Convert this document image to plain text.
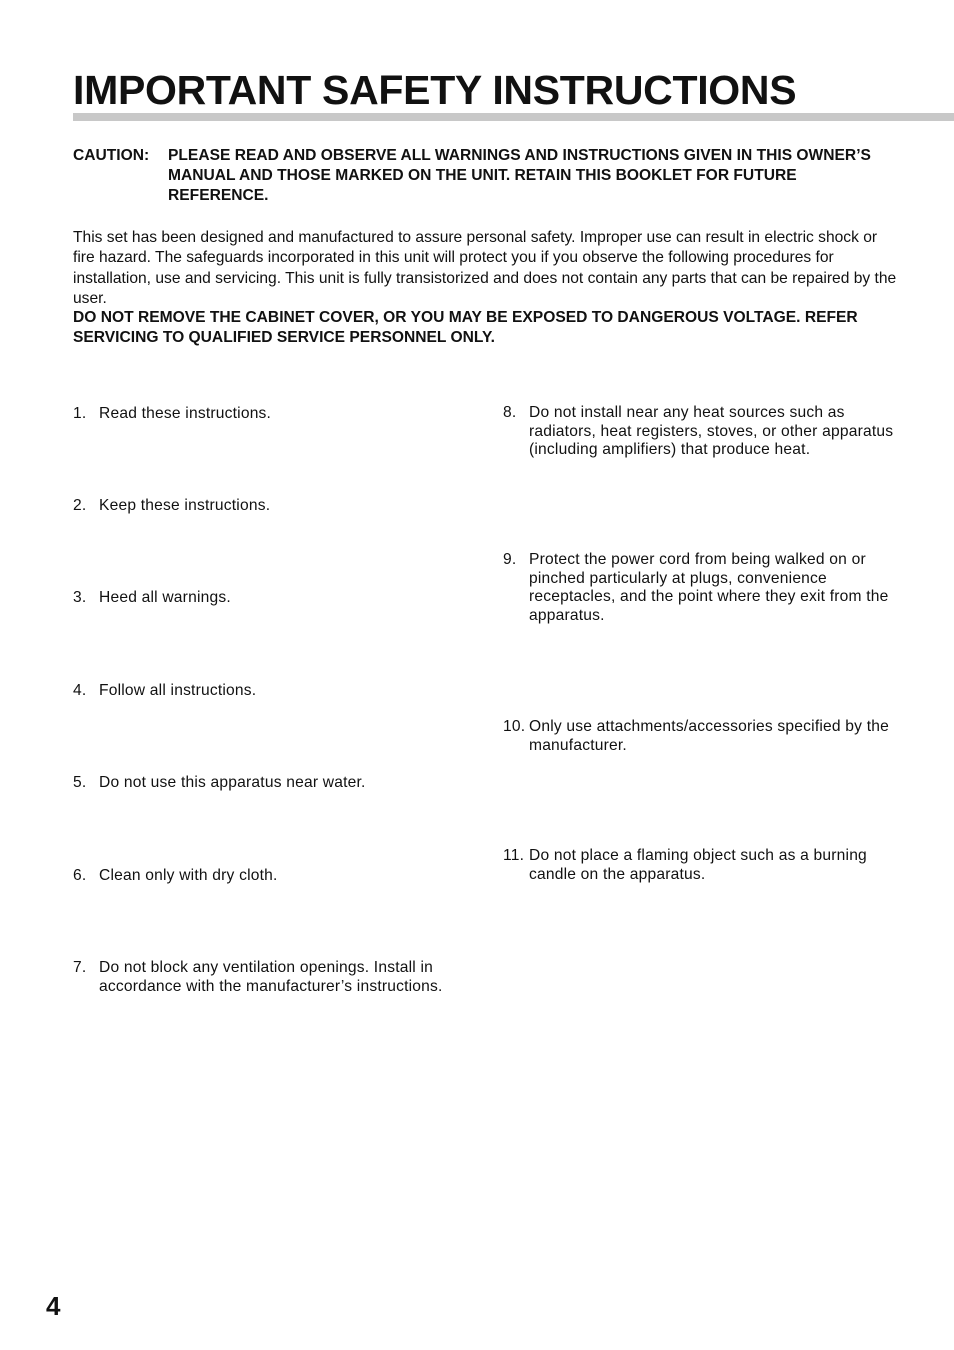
IMPORTANT SAFETY INSTRUCTIONS
CAUTION: PLEASE READ AND OBSERVE ALL WARNINGS AND INSTRUCTIONS GIVEN IN THIS OWNER’S MANUAL AND THOSE MARKED ON THE UNIT. RETAIN THIS BOOKLET FOR FUTURE REFERENCE.

This set has been designed and manufactured to assure personal safety. Improper use can result in electric shock or fire hazard. The safeguards incorporated in this unit will protect you if you observe the following procedures for installation, use and servicing. This unit is fully transistorized and does not contain any parts that can be repaired by the user.

DO NOT REMOVE THE CABINET COVER, OR YOU MAY BE EXPOSED TO DANGEROUS VOLTAGE. REFER SERVICING TO QUALIFIED SERVICE PERSONNEL ONLY.

1. Read these instructions.
2. Keep these instructions.
3. Heed all warnings.
4. Follow all instructions.
5. Do not use this apparatus near water.
6. Clean only with dry cloth.
7. Do not block any ventilation openings. Install in accordance with the manufacturer’s instructions.
8. Do not install near any heat sources such as radiators, heat registers, stoves, or other apparatus (including amplifiers) that produce heat.
9. Protect the power cord from being walked on or pinched particularly at plugs, convenience receptacles, and the point where they exit from the apparatus.
10. Only use attachments/accessories specified by the manufacturer.
11. Do not place a flaming object such as a burning candle on the apparatus.
4
